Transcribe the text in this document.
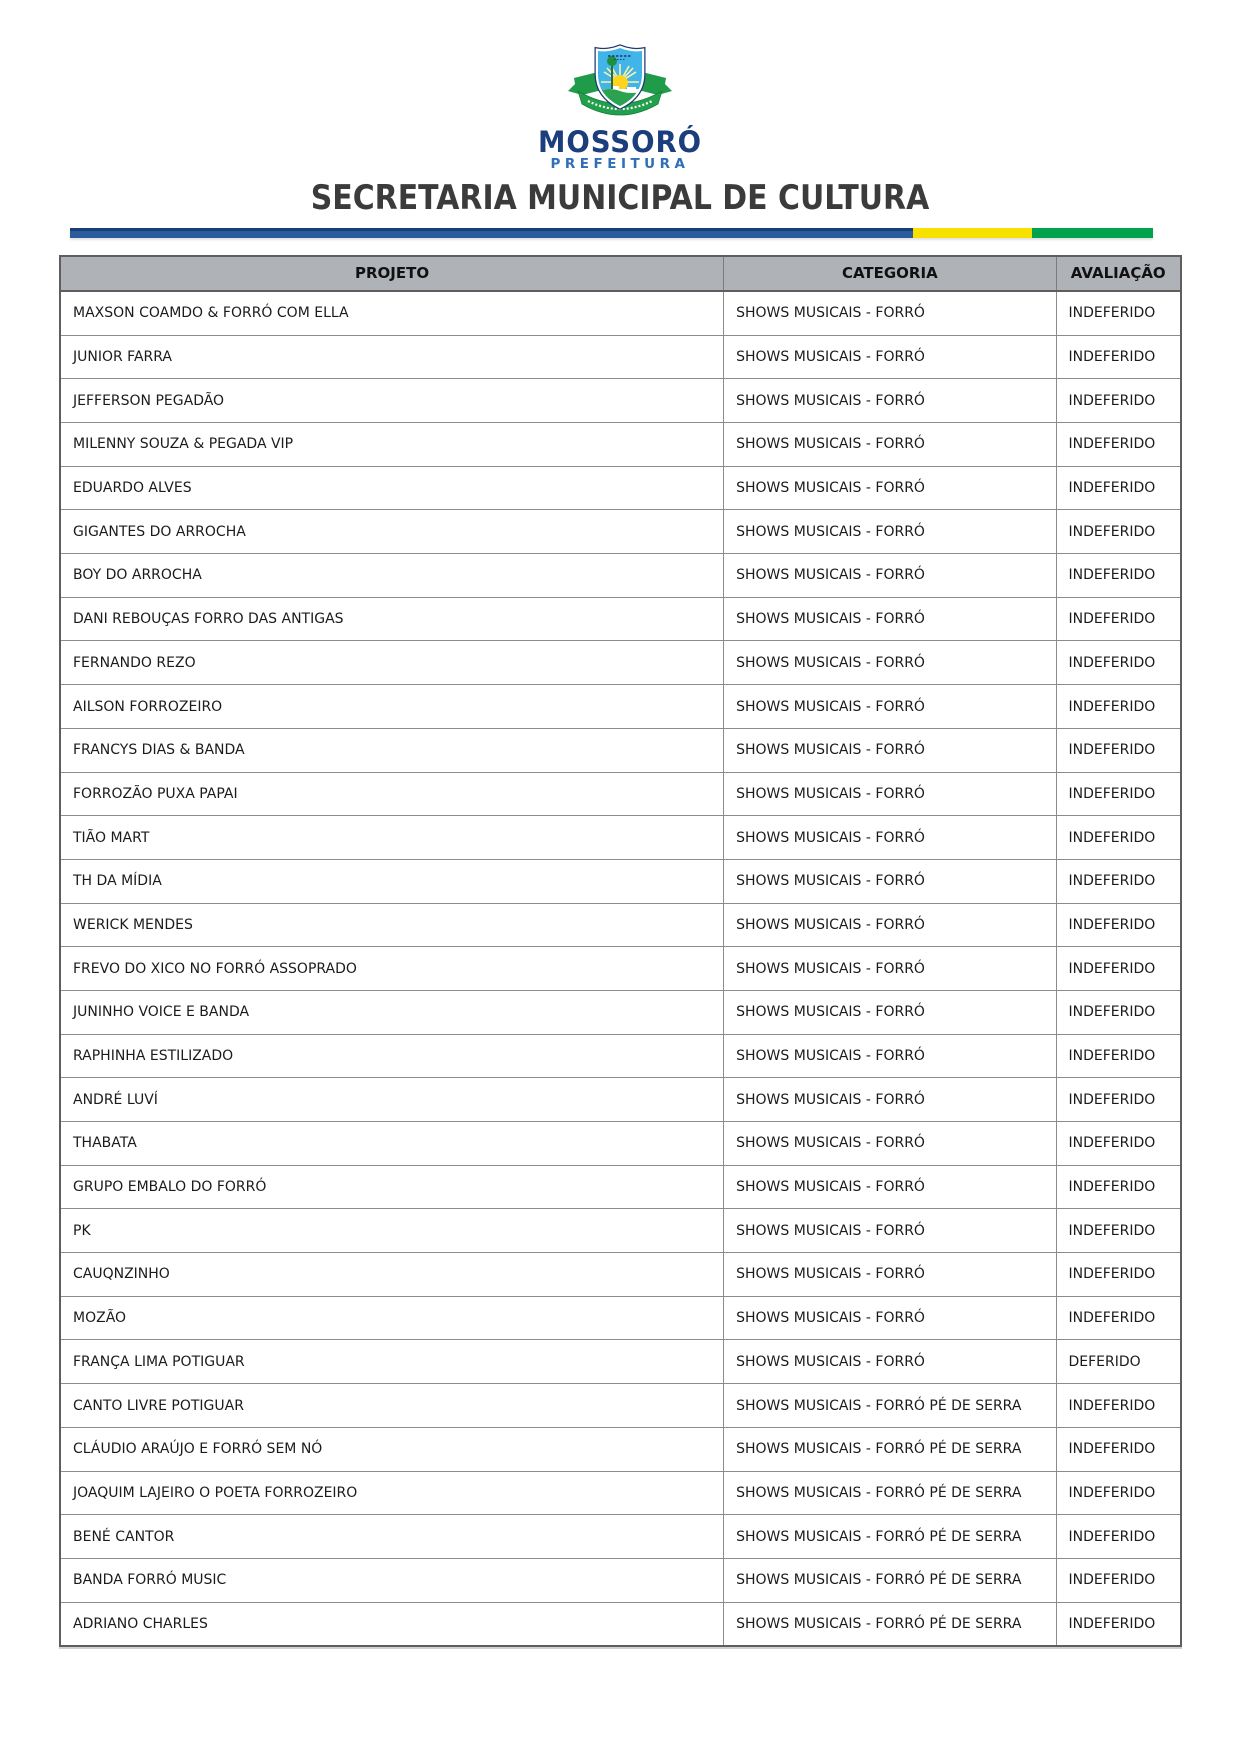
MOSSORÓ
PREFEITURA
SECRETARIA MUNICIPAL DE CULTURA
PROJETO	CATEGORIA	AVALIAÇÃO
MAXSON COAMDO & FORRÓ COM ELLA	SHOWS MUSICAIS - FORRÓ	INDEFERIDO
JUNIOR FARRA	SHOWS MUSICAIS - FORRÓ	INDEFERIDO
JEFFERSON PEGADÃO	SHOWS MUSICAIS - FORRÓ	INDEFERIDO
MILENNY SOUZA & PEGADA VIP	SHOWS MUSICAIS - FORRÓ	INDEFERIDO
EDUARDO ALVES	SHOWS MUSICAIS - FORRÓ	INDEFERIDO
GIGANTES DO ARROCHA	SHOWS MUSICAIS - FORRÓ	INDEFERIDO
BOY DO ARROCHA	SHOWS MUSICAIS - FORRÓ	INDEFERIDO
DANI REBOUÇAS FORRO DAS ANTIGAS	SHOWS MUSICAIS - FORRÓ	INDEFERIDO
FERNANDO REZO	SHOWS MUSICAIS - FORRÓ	INDEFERIDO
AILSON FORROZEIRO	SHOWS MUSICAIS - FORRÓ	INDEFERIDO
FRANCYS DIAS & BANDA	SHOWS MUSICAIS - FORRÓ	INDEFERIDO
FORROZÃO PUXA PAPAI	SHOWS MUSICAIS - FORRÓ	INDEFERIDO
TIÃO MART	SHOWS MUSICAIS - FORRÓ	INDEFERIDO
TH DA MÍDIA	SHOWS MUSICAIS - FORRÓ	INDEFERIDO
WERICK MENDES	SHOWS MUSICAIS - FORRÓ	INDEFERIDO
FREVO DO XICO NO FORRÓ ASSOPRADO	SHOWS MUSICAIS - FORRÓ	INDEFERIDO
JUNINHO VOICE E BANDA	SHOWS MUSICAIS - FORRÓ	INDEFERIDO
RAPHINHA ESTILIZADO	SHOWS MUSICAIS - FORRÓ	INDEFERIDO
ANDRÉ LUVÍ	SHOWS MUSICAIS - FORRÓ	INDEFERIDO
THABATA	SHOWS MUSICAIS - FORRÓ	INDEFERIDO
GRUPO EMBALO DO FORRÓ	SHOWS MUSICAIS - FORRÓ	INDEFERIDO
PK	SHOWS MUSICAIS - FORRÓ	INDEFERIDO
CAUQNZINHO	SHOWS MUSICAIS - FORRÓ	INDEFERIDO
MOZÃO	SHOWS MUSICAIS - FORRÓ	INDEFERIDO
FRANÇA LIMA POTIGUAR	SHOWS MUSICAIS - FORRÓ	DEFERIDO
CANTO LIVRE POTIGUAR	SHOWS MUSICAIS - FORRÓ PÉ DE SERRA	INDEFERIDO
CLÁUDIO ARAÚJO E FORRÓ SEM NÓ	SHOWS MUSICAIS - FORRÓ PÉ DE SERRA	INDEFERIDO
JOAQUIM LAJEIRO O POETA FORROZEIRO	SHOWS MUSICAIS - FORRÓ PÉ DE SERRA	INDEFERIDO
BENÉ CANTOR	SHOWS MUSICAIS - FORRÓ PÉ DE SERRA	INDEFERIDO
BANDA FORRÓ MUSIC	SHOWS MUSICAIS - FORRÓ PÉ DE SERRA	INDEFERIDO
ADRIANO CHARLES	SHOWS MUSICAIS - FORRÓ PÉ DE SERRA	INDEFERIDO
